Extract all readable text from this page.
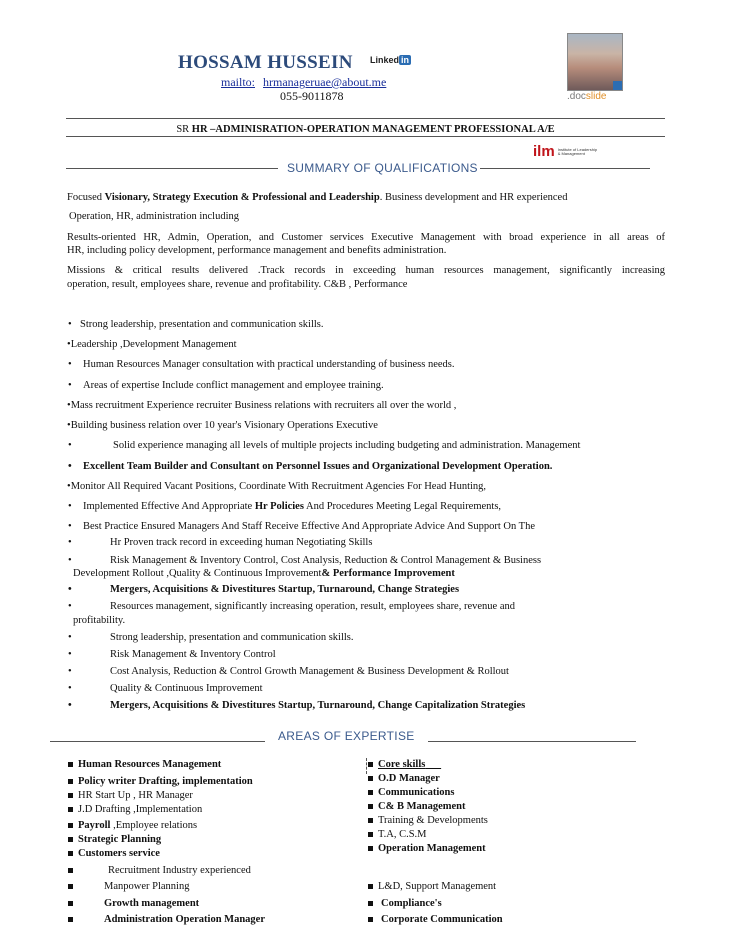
HOSSAM HUSSEIN Linked in
mailto: hrmanageruae@about.me
055-9011878	.docslide
SR HR –ADMINISRATION-OPERATION MANAGEMENT PROFESSIONAL A/E
SUMMARY OF QUALIFICATIONS
ilm Institute of Leadership & Management
Focused Visionary, Strategy Execution & Professional and Leadership. Business development and HR experienced
Operation, HR, administration including
Results-oriented HR, Admin, Operation, and Customer services Executive Management with broad experience in all areas of
HR, including policy development, performance management and benefits administration.
Missions & critical results delivered .Track records in exceeding human resources management, significantly increasing
operation, result, employees share, revenue and profitability. C&B , Performance
• Strong leadership, presentation and communication skills.
•Leadership ,Development Management
• Human Resources Manager consultation with practical understanding of business needs.
• Areas of expertise Include conflict management and employee training.
•Mass recruitment Experience recruiter Business relations with recruiters all over the world ,
•Building business relation over 10 year's Visionary Operations Executive
•	Solid experience managing all levels of multiple projects including budgeting and administration. Management
• Excellent Team Builder and Consultant on Personnel Issues and Organizational Development Operation.
•Monitor All Required Vacant Positions, Coordinate With Recruitment Agencies For Head Hunting,
• Implemented Effective And Appropriate Hr Policies And Procedures Meeting Legal Requirements,
• Best Practice Ensured Managers And Staff Receive Effective And Appropriate Advice And Support On The
•	Hr Proven track record in exceeding human Negotiating Skills
•	Risk Management & Inventory Control, Cost Analysis, Reduction & Control Management & Business
Development Rollout ,Quality & Continuous Improvement& Performance Improvement
•	Mergers, Acquisitions & Divestitures Startup, Turnaround, Change Strategies
•	Resources management, significantly increasing operation, result, employees share, revenue and
profitability.
•	Strong leadership, presentation and communication skills.
•	Risk Management & Inventory Control
•	Cost Analysis, Reduction & Control Growth Management & Business Development & Rollout
•	Quality & Continuous Improvement
•	Mergers, Acquisitions & Divestitures Startup, Turnaround, Change Capitalization Strategies
AREAS OF EXPERTISE
Human Resources Management
Policy writer Drafting, implementation
HR Start Up , HR Manager
J.D Drafting ,Implementation
Payroll ,Employee relations
Strategic Planning
Customers service
Recruitment Industry experienced
Manpower Planning
Growth management
Administration Operation Manager
Core skills
O.D Manager
Communications
C& B Management
Training & Developments
T.A, C.S.M
Operation Management
L&D, Support Management
Compliance's
Corporate Communication
